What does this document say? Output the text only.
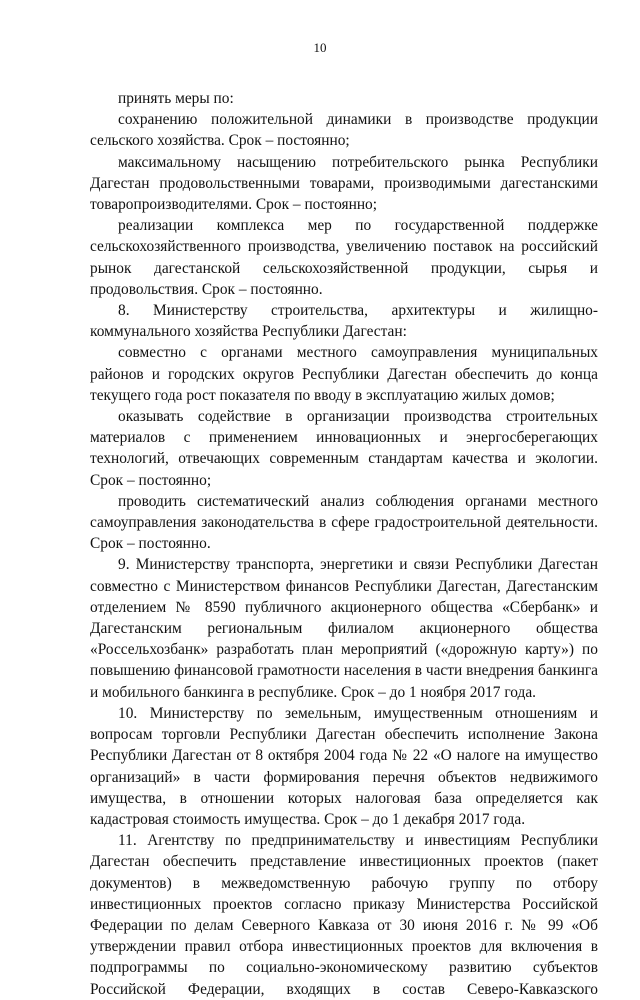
10

принять меры по:

сохранению положительной динамики в производстве продукции сельского хозяйства. Срок – постоянно;

максимальному насыщению потребительского рынка Республики Дагестан продовольственными товарами, производимыми дагестанскими товаропроизводителями. Срок – постоянно;

реализации комплекса мер по государственной поддержке сельскохозяйственного производства, увеличению поставок на российский рынок дагестанской сельскохозяйственной продукции, сырья и продовольствия. Срок – постоянно.

8. Министерству строительства, архитектуры и жилищно-коммунального хозяйства Республики Дагестан:

совместно с органами местного самоуправления муниципальных районов и городских округов Республики Дагестан обеспечить до конца текущего года рост показателя по вводу в эксплуатацию жилых домов;

оказывать содействие в организации производства строительных материалов с применением инновационных и энергосберегающих технологий, отвечающих современным стандартам качества и экологии. Срок – постоянно;

проводить систематический анализ соблюдения органами местного самоуправления законодательства в сфере градостроительной деятельности. Срок – постоянно.

9. Министерству транспорта, энергетики и связи Республики Дагестан совместно с Министерством финансов Республики Дагестан, Дагестанским отделением № 8590 публичного акционерного общества «Сбербанк» и Дагестанским региональным филиалом акционерного общества «Россельхозбанк» разработать план мероприятий («дорожную карту») по повышению финансовой грамотности населения в части внедрения банкинга и мобильного банкинга в республике. Срок – до 1 ноября 2017 года.

10. Министерству по земельным, имущественным отношениям и вопросам торговли Республики Дагестан обеспечить исполнение Закона Республики Дагестан от 8 октября 2004 года № 22 «О налоге на имущество организаций» в части формирования перечня объектов недвижимого имущества, в отношении которых налоговая база определяется как кадастровая стоимость имущества. Срок – до 1 декабря 2017 года.

11. Агентству по предпринимательству и инвестициям Республики Дагестан обеспечить представление инвестиционных проектов (пакет документов) в межведомственную рабочую группу по отбору инвестиционных проектов согласно приказу Министерства Российской Федерации по делам Северного Кавказа от 30 июня 2016 г. № 99 «Об утверждении правил отбора инвестиционных проектов для включения в подпрограммы по социально-экономическому развитию субъектов Российской Федерации, входящих в состав Северо-Кавказского
